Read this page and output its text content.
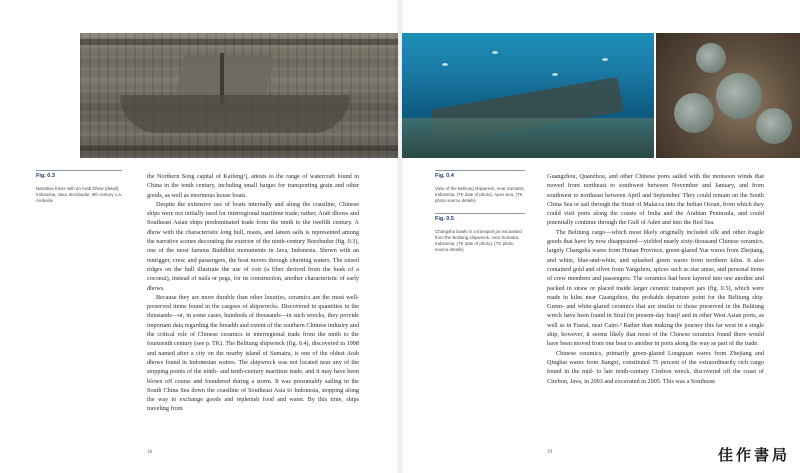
Fig. 0.3
Narrative frieze with an Arab Dhow (detail), Indonesia, Java, Borobudur, 9th century c.a., Andesite

the Northern Song capital of Kaifeng¹), attests to the range of watercraft found in China in the tenth century, including small barges for transporting grain and other goods, as well as enormous house boats.

Despite the extensive use of boats internally and along the coastline, Chinese ships were not initially used for interregional maritime trade; rather, Arab dhows and Southeast Asian ships predominated trade from the ninth to the twelfth century. A dhow with the characteristic long hull, masts, and lateen sails is represented among the narrative scenes decorating the exterior of the ninth-century Borobudur (fig. 0.3), one of the most famous Buddhist monuments in Java, Indonesia. Shown with an outrigger, crew, and passengers, the boat moves through churning waters. The raised ridges on the hull illustrate the use of coir (a fiber derived from the husk of a coconut), instead of nails or pegs, for its construction, another characteristic of early dhows.

Because they are more durable than other luxuries, ceramics are the most well-preserved items found in the cargoes of shipwrecks. Discovered in quantities in the thousands—or, in some cases, hundreds of thousands—in such wrecks, they provide important data regarding the breadth and extent of the southern Chinese industry and the critical role of Chinese ceramics in interregional trade from the ninth to the fourteenth century (see p. TK). The Belitung shipwreck (fig. 0.4), discovered in 1998 and named after a city on the nearby island of Sumatra, is one of the oldest Arab dhows found in Indonesian waters. The shipwreck was not located near any of the stopping points of the ninth- and tenth-century maritime trade, and it may have been blown off course and foundered during a storm. It was presumably sailing in the South China Sea down the coastline of Southeast Asia to Indonesia, stopping along the way to exchange goods and replenish food and water. By this time, ships traveling from

18
Fig. 0.4
View of the Belitung shipwreck, near Sumatra, Indonesia, (TK date of photo), Apex Sea. (TK photo source details)
Fig. 0.5
Changsha bowls in a transport jar excavated from the Belitung shipwreck, near Sumatra, Indonesia, (TK date of photo), (TK photo source details)

Guangzhou, Quanzhou, and other Chinese ports sailed with the monsoon winds that moved from northeast to southwest between November and January, and from southwest to northeast between April and September. They could remain on the South China Sea or sail through the Strait of Malacca into the Indian Ocean, from which they could visit ports along the coasts of India and the Arabian Peninsula, and could potentially continue through the Gulf of Aden and into the Red Sea.

The Belitung cargo—which most likely originally included silk and other fragile goods that have by now disappeared—yielded nearly sixty-thousand Chinese ceramics, largely Changsha wares from Hunan Province, green-glazed Yue wares from Zhejiang, and white, blue-and-white, and splashed green wares from northern kilns. It also contained gold and silver from Yangzhou, spices such as star anise, and personal items of crew members and passengers. The ceramics had been layered into one another and packed in straw or placed inside larger ceramic transport jars (fig. 0.5), which were made in kilns near Guangzhou, the probable departure point for the Belitung ship. Green- and white-glazed ceramics that are similar to those preserved in the Belitung wreck have been found in Siraf (in present-day Iran)² and in other West Asian ports, as well as in Fustat, near Cairo.³ Rather than making the journey this far west in a single ship, however, it seems likely that most of the Chinese ceramics found there would have been moved from one boat to another in ports along the way as part of the trade.

Chinese ceramics, primarily green-glazed Longquan wares from Zhejiang and Qingbai wares from Jiangxi, constituted 75 percent of the extraordinarily rich cargo found in the mid- to late tenth-century Cirebon wreck, discovered off the coast of Cirebon, Java, in 2003 and excavated in 2005. This was a Southeast

19	佳作書局
